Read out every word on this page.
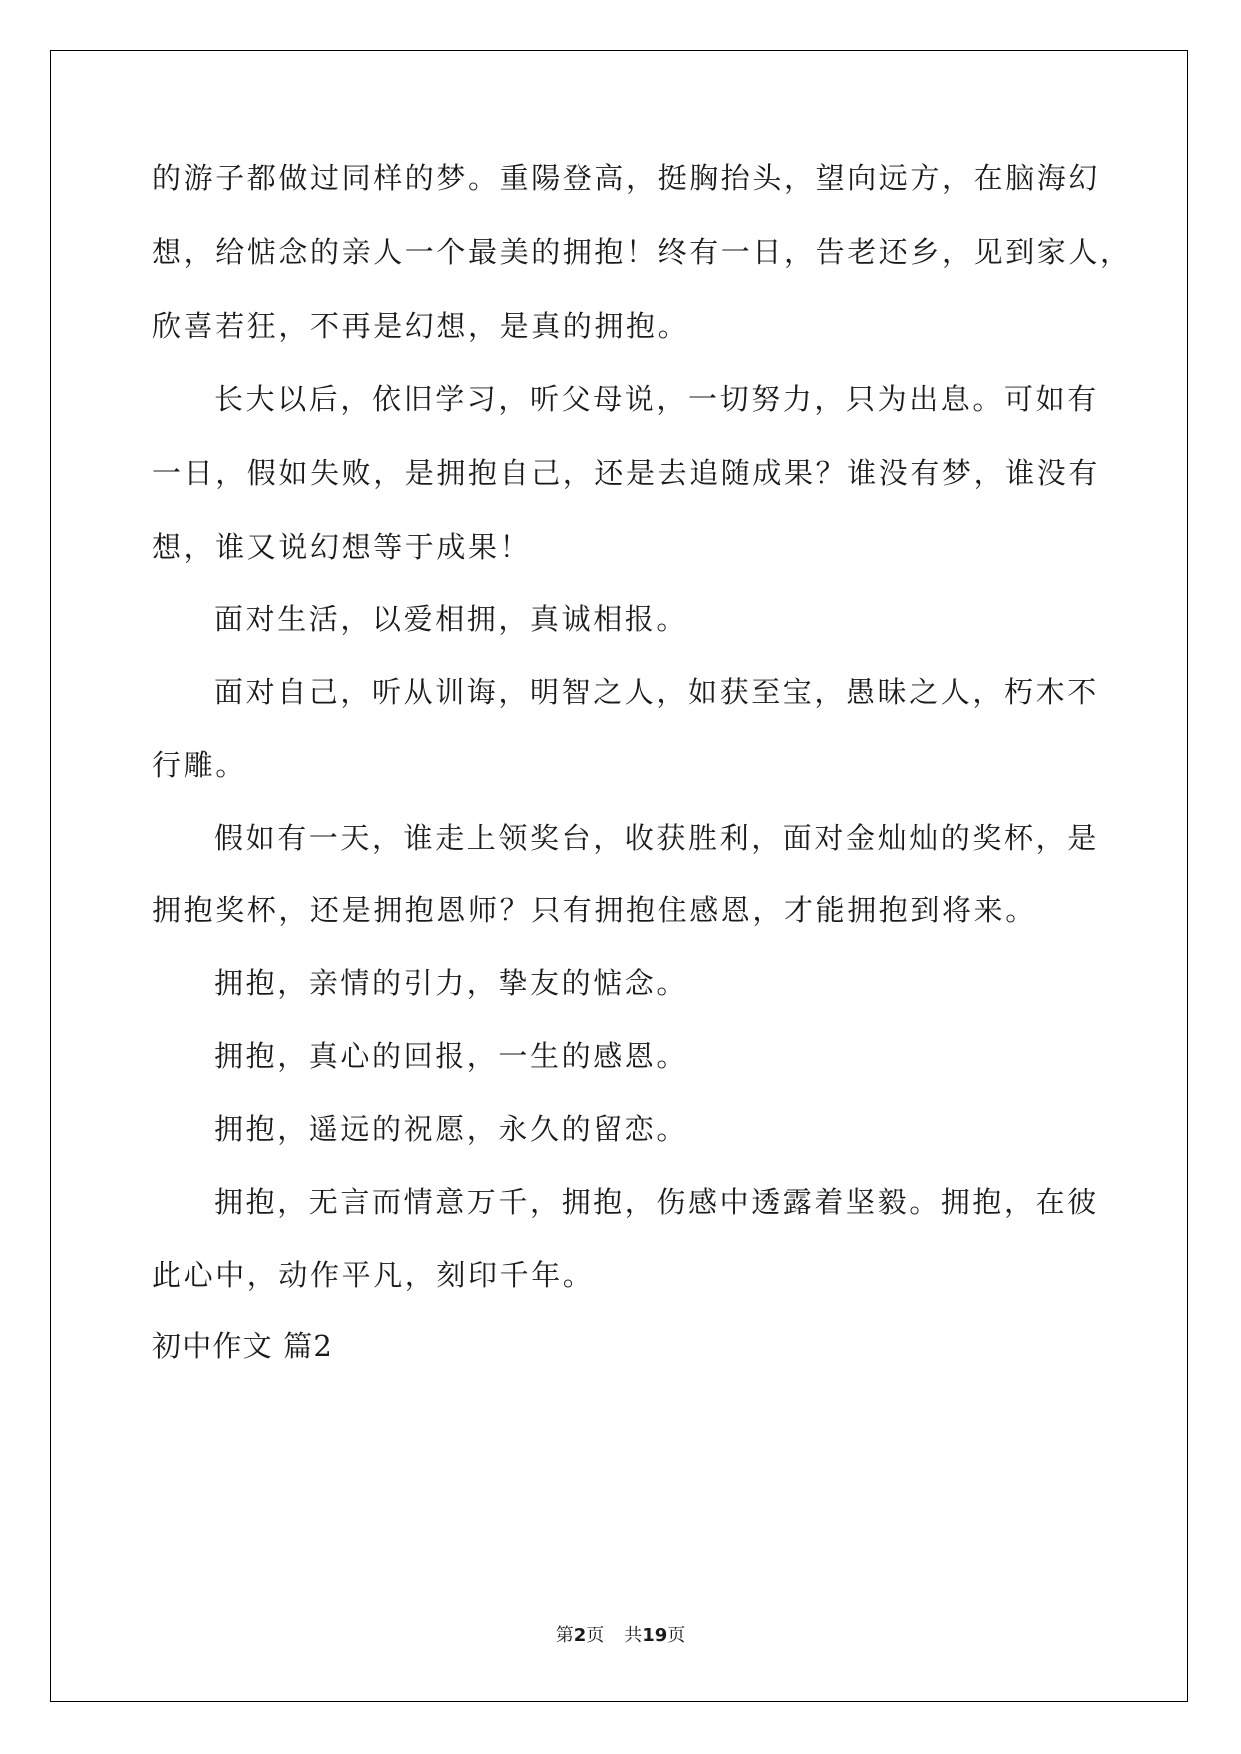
的游子都做过同样的梦。重陽登高，挺胸抬头，望向远方，在脑海幻
想，给惦念的亲人一个最美的拥抱！终有一日，告老还乡，见到家人，
欣喜若狂，不再是幻想，是真的拥抱。
长大以后，依旧学习，听父母说，一切努力，只为出息。可如有
一日，假如失败，是拥抱自己，还是去追随成果？谁没有梦，谁没有
想，谁又说幻想等于成果！
面对生活，以爱相拥，真诚相报。
面对自己，听从训诲，明智之人，如获至宝，愚昧之人，朽木不
行雕。
假如有一天，谁走上领奖台，收获胜利，面对金灿灿的奖杯，是
拥抱奖杯，还是拥抱恩师？只有拥抱住感恩，才能拥抱到将来。
拥抱，亲情的引力，挚友的惦念。
拥抱，真心的回报，一生的感恩。
拥抱，遥远的祝愿，永久的留恋。
拥抱，无言而情意万千，拥抱，伤感中透露着坚毅。拥抱，在彼
此心中，动作平凡，刻印千年。
初中作文 篇2
第2页 共19页
